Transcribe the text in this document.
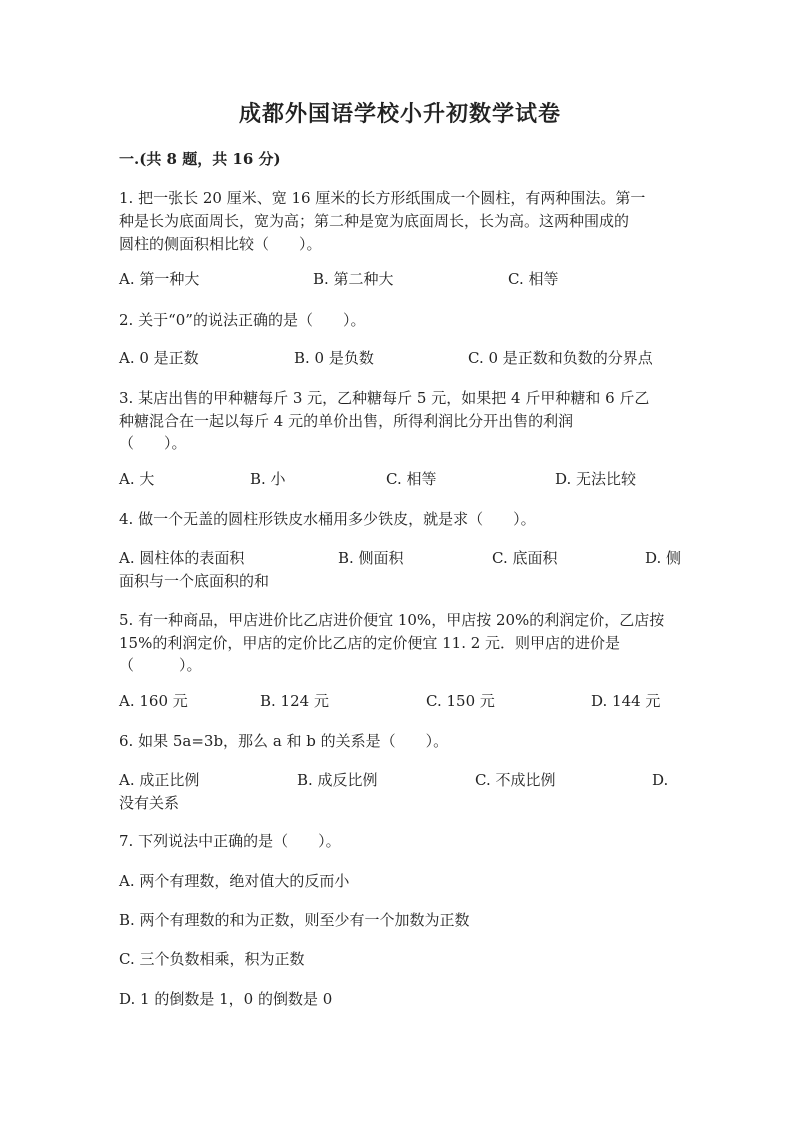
成都外国语学校小升初数学试卷
一.(共 8 题，共 16 分)
1. 把一张长 20 厘米、宽 16 厘米的长方形纸围成一个圆柱，有两种围法。第一
种是长为底面周长，宽为高；第二种是宽为底面周长，长为高。这两种围成的
圆柱的侧面积相比较（　　）。
A. 第一种大	B. 第二种大	C. 相等
2. 关于“0”的说法正确的是（　　）。
A. 0 是正数	B. 0 是负数	C. 0 是正数和负数的分界点
3. 某店出售的甲种糖每斤 3 元，乙种糖每斤 5 元，如果把 4 斤甲种糖和 6 斤乙
种糖混合在一起以每斤 4 元的单价出售，所得利润比分开出售的利润
（　　）。
A. 大	B. 小	C. 相等	D. 无法比较
4. 做一个无盖的圆柱形铁皮水桶用多少铁皮，就是求（　　）。
A. 圆柱体的表面积	B. 侧面积	C. 底面积	D. 侧
面积与一个底面积的和
5. 有一种商品，甲店进价比乙店进价便宜 10%，甲店按 20%的利润定价，乙店按
15%的利润定价，甲店的定价比乙店的定价便宜 11. 2 元．则甲店的进价是
（　　　）。
A. 160 元	B. 124 元	C. 150 元	D. 144 元
6. 如果 5a=3b，那么 a 和 b 的关系是（　　）。
A. 成正比例	B. 成反比例	C. 不成比例	D.
没有关系
7. 下列说法中正确的是（　　）。
A. 两个有理数，绝对值大的反而小
B. 两个有理数的和为正数，则至少有一个加数为正数
C. 三个负数相乘，积为正数
D. 1 的倒数是 1，0 的倒数是 0
